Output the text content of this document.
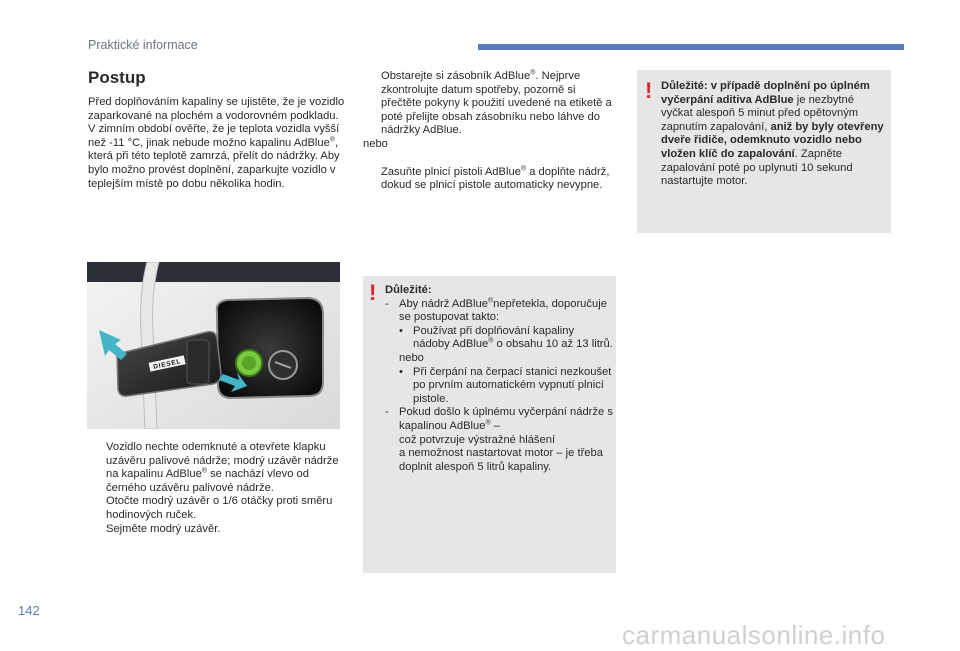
Praktické informace
Postup
Před doplňováním kapaliny se ujistěte, že je vozidlo zaparkované na plochém a vodorovném podkladu.
V zimním období ověřte, že je teplota vozidla vyšší než -11 °C, jinak nebude možno kapalinu AdBlue®, která při této teplotě zamrzá, přelít do nádržky. Aby bylo možno provést doplnění, zaparkujte vozidlo v teplejším místě po dobu několika hodin.
DIESEL
Vozidlo nechte odemknuté a otevřete klapku uzávěru palivové nádrže; modrý uzávěr nádrže na kapalinu AdBlue® se nachází vlevo od černého uzávěru palivové nádrže.
Otočte modrý uzávěr o 1/6 otáčky proti směru hodinových ruček.
Sejměte modrý uzávěr.
Obstarejte si zásobník AdBlue®. Nejprve zkontrolujte datum spotřeby, pozorně si přečtěte pokyny k použití uvedené na etiketě a poté přelijte obsah zásobníku nebo láhve do nádržky AdBlue.
nebo
Zasuňte plnicí pistoli AdBlue® a doplňte nádrž, dokud se plnicí pistole automaticky nevypne.
! Důležité: v případě doplnění po úplném vyčerpání aditiva AdBlue je nezbytné vyčkat alespoň 5 minut před opětovným zapnutím zapalování, aniž by byly otevřeny dveře řidiče, odemknuto vozidlo nebo vložen klíč do zapalování. Zapněte zapalování poté po uplynutí 10 sekund nastartujte motor.
! Důležité:
- Aby nádrž AdBlue®nepřetekla, doporučuje se postupovat takto:
• Používat při doplňování kapaliny nádoby AdBlue® o obsahu 10 až 13 litrů.
nebo
• Při čerpání na čerpací stanici nezkoušet po prvním automatickém vypnutí plnicí pistole.
- Pokud došlo k úplnému vyčerpání nádrže s kapalinou AdBlue® –
což potvrzuje výstražné hlášení
a nemožnost nastartovat motor – je třeba doplnit alespoň 5 litrů kapaliny.
142
carmanualsonline.info
